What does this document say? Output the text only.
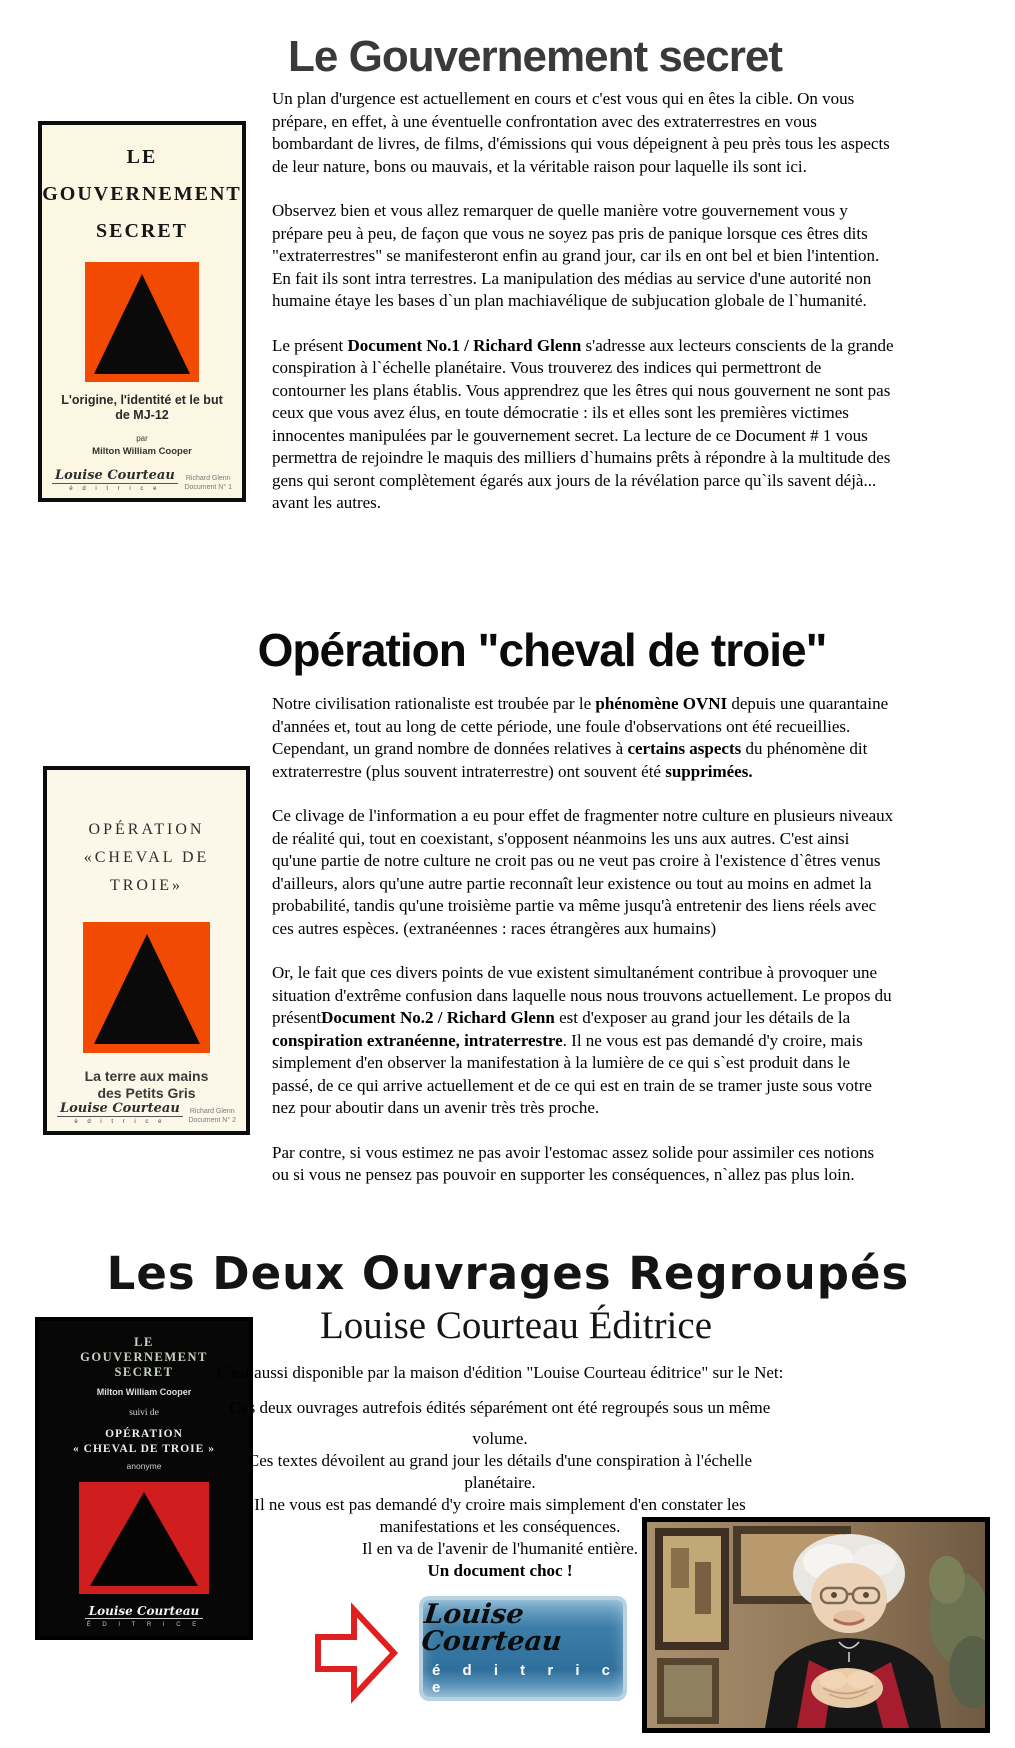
Le Gouvernement secret
LE
GOUVERNEMENT
SECRET
L'origine, l'identité et le but
de MJ-12
par
Milton William Cooper
Louise Courteau
é d i t r i c e
Richard Glenn
Document N° 1

Un plan d'urgence est actuellement en cours et c'est vous qui en êtes la cible. On vous prépare, en effet, à une éventuelle confrontation avec des extraterrestres en vous bombardant de livres, de films, d'émissions qui vous dépeignent à peu près tous les aspects de leur nature, bons ou mauvais, et la véritable raison pour laquelle ils sont ici.

Observez bien et vous allez remarquer de quelle manière votre gouvernement vous y prépare peu à peu, de façon que vous ne soyez pas pris de panique lorsque ces êtres dits "extraterrestres" se manifesteront enfin au grand jour, car ils en ont bel et bien l'intention. En fait ils sont intra terrestres. La manipulation des médias au service d'une autorité non humaine étaye les bases d`un plan machiavélique de subjucation globale de l`humanité.

Le présent Document No.1 / Richard Glenn s'adresse aux lecteurs conscients de la grande conspiration à l`échelle planétaire. Vous trouverez des indices qui permettront de contourner les plans établis. Vous apprendrez que les êtres qui nous gouvernent ne sont pas ceux que vous avez élus, en toute démocratie : ils et elles sont les premières victimes innocentes manipulées par le gouvernement secret. La lecture de ce Document # 1 vous permettra de rejoindre le maquis des milliers d`humains prêts à répondre à la multitude des gens qui seront complètement égarés aux jours de la révélation parce qu`ils savent déjà... avant les autres.

Opération "cheval de troie"
OPÉRATION
«CHEVAL DE TROIE»
La terre aux mains
des Petits Gris
Louise Courteau
é d i t r i c e
Richard Glenn
Document N° 2

Notre civilisation rationaliste est troubée par le phénomène OVNI depuis une quarantaine d'années et, tout au long de cette période, une foule d'observations ont été recueillies. Cependant, un grand nombre de données relatives à certains aspects du phénomène dit extraterrestre (plus souvent intraterrestre) ont souvent été supprimées.

Ce clivage de l'information a eu pour effet de fragmenter notre culture en plusieurs niveaux de réalité qui, tout en coexistant, s'opposent néanmoins les uns aux autres. C'est ainsi qu'une partie de notre culture ne croit pas ou ne veut pas croire à l'existence d`êtres venus d'ailleurs, alors qu'une autre partie reconnaît leur existence ou tout au moins en admet la probabilité, tandis qu'une troisième partie va même jusqu'à entretenir des liens réels avec ces autres espèces. (extranéennes : races étrangères aux humains)

Or, le fait que ces divers points de vue existent simultanément contribue à provoquer une situation d'extrême confusion dans laquelle nous nous trouvons actuellement. Le propos du présentDocument No.2 / Richard Glenn est d'exposer au grand jour les détails de la conspiration extranéenne, intraterrestre. Il ne vous est pas demandé d'y croire, mais simplement d'en observer la manifestation à la lumière de ce qui s`est produit dans le passé, de ce qui arrive actuellement et de ce qui est en train de se tramer juste sous votre nez pour aboutir dans un avenir très très proche.

Par contre, si vous estimez ne pas avoir l'estomac assez solide pour assimiler ces notions ou si vous ne pensez pas pouvoir en supporter les conséquences, n`allez pas plus loin.

Les Deux Ouvrages Regroupés
Louise Courteau Éditrice
LE
GOUVERNEMENT
SECRET
Milton William Cooper
suivi de
OPÉRATION
« CHEVAL DE TROIE »
anonyme
Louise Courteau
É D I T R I C E
C'est aussi disponible par la maison d'édition "Louise Courteau éditrice" sur le Net:
Ces deux ouvrages autrefois édités séparément ont été regroupés sous un même
volume.
Ces textes dévoilent au grand jour les détails d'une conspiration à l'échelle
planétaire.
Il ne vous est pas demandé d'y croire mais simplement d'en constater les
manifestations et les conséquences.
Il en va de l'avenir de l'humanité entière.
Un document choc !
Louise Courteau
é d i t r i c e
